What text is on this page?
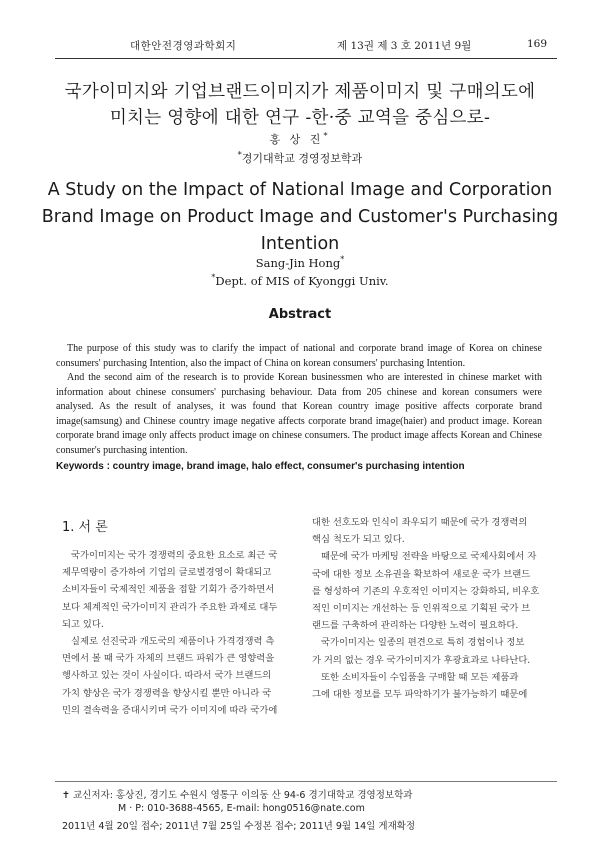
대한안전경영과학회지	제 13권 제 3 호 2011년 9월	169
국가이미지와 기업브랜드이미지가 제품이미지 및 구매의도에
미치는 영향에 대한 연구 -한·중 교역을 중심으로-
홍 상 진*
*경기대학교 경영정보학과
A Study on the Impact of National Image and Corporation
Brand Image on Product Image and Customer's Purchasing
Intention
Sang-Jin Hong*
*Dept. of MIS of Kyonggi Univ.
Abstract

The purpose of this study was to clarify the impact of national and corporate brand image of Korea on chinese consumers' purchasing Intention, also the impact of China on korean consumers' purchasing Intention.

And the second aim of the research is to provide Korean businessmen who are interested in chinese market with information about chinese consumers' purchasing behaviour. Data from 205 chinese and korean consumers were analysed. As the result of analyses, it was found that Korean country image positive affects corporate brand image(samsung) and Chinese country image negative affects corporate brand image(haier) and product image. Korean corporate brand image only affects product image on chinese consumers. The product image affects Korean and Chinese consumer's purchasing intention.

Keywords : country image, brand image, halo effect, consumer's purchasing intention
1. 서 론

국가이미지는 국가 경쟁력의 중요한 요소로 최근 국

제무역량이 증가하여 기업의 글로벌경영이 확대되고

소비자들이 국제적인 제품을 접할 기회가 증가하면서

보다 체계적인 국가이미지 관리가 주요한 과제로 대두

되고 있다.

실제로 선진국과 개도국의 제품이나 가격경쟁력 측

면에서 볼 때 국가 자체의 브랜드 파워가 큰 영향력을

행사하고 있는 것이 사실이다. 따라서 국가 브랜드의

가치 향상은 국가 경쟁력을 향상시킬 뿐만 아니라 국

민의 결속력을 증대시키며 국가 이미지에 따라 국가에

대한 선호도와 인식이 좌우되기 때문에 국가 경쟁력의

핵심 척도가 되고 있다.

때문에 국가 마케팅 전략을 바탕으로 국제사회에서 자

국에 대한 정보 소유권을 확보하여 새로운 국가 브랜드

를 형성하여 기존의 우호적인 이미지는 강화하되, 비우호

적인 이미지는 개선하는 등 인위적으로 기획된 국가 브

랜드를 구축하여 관리하는 다양한 노력이 필요하다.

국가이미지는 일종의 편견으로 특히 경험이나 정보

가 거의 없는 경우 국가이미지가 후광효과로 나타난다.

또한 소비자들이 수입품을 구매할 때 모든 제품과

그에 대한 정보를 모두 파악하기가 불가능하기 때문에

✝ 교신저자: 홍상진, 경기도 수원시 영통구 이의동 산 94-6 경기대학교 경영정보학과
M · P: 010-3688-4565, E-mail: hong0516@nate.com
2011년 4월 20일 접수; 2011년 7월 25일 수정본 접수; 2011년 9월 14일 게재확정
